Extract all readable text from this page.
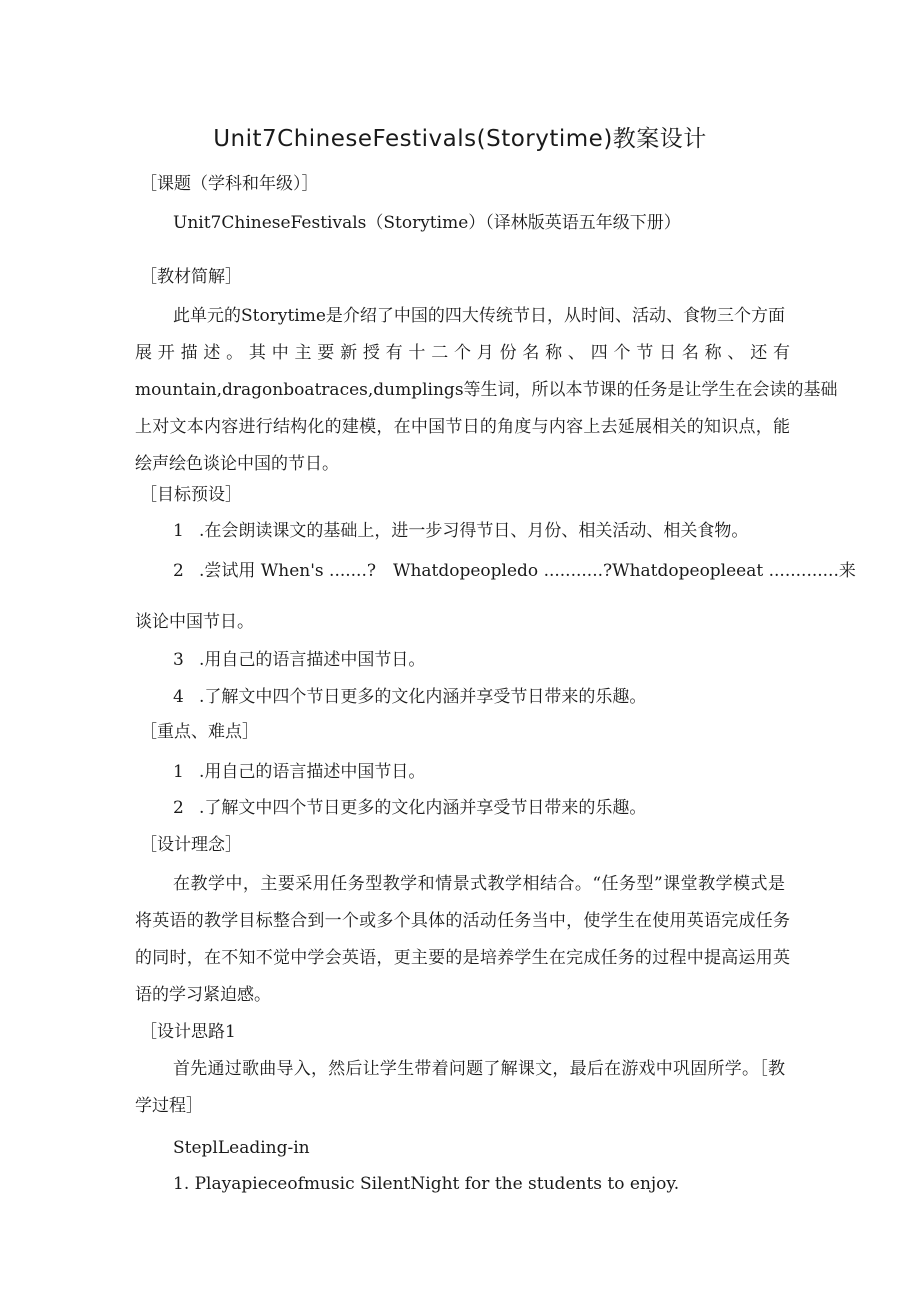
Unit7ChineseFestivals(Storytime)教案设计
［课题（学科和年级）］
Unit7ChineseFestivals（Storytime）（译林版英语五年级下册）
［教材简解］
此单元的Storytime是介绍了中国的四大传统节日，从时间、活动、食物三个方面
展开描述。其中主要新授有十二个月份名称、四个节日名称、还有
mountain,dragonboatraces,dumplings等生词，所以本节课的任务是让学生在会读的基础
上对文本内容进行结构化的建模，在中国节日的角度与内容上去延展相关的知识点，能
绘声绘色谈论中国的节日。
［目标预设］
1 .在会朗读课文的基础上，进一步习得节日、月份、相关活动、相关食物。
2 .尝试用 When's .......?　Whatdopeopledo ...........?Whatdopeopleeat .............来
谈论中国节日。
3 .用自己的语言描述中国节日。
4 .了解文中四个节日更多的文化内涵并享受节日带来的乐趣。
［重点、难点］
1 .用自己的语言描述中国节日。
2 .了解文中四个节日更多的文化内涵并享受节日带来的乐趣。
［设计理念］
在教学中，主要采用任务型教学和情景式教学相结合。“任务型”课堂教学模式是
将英语的教学目标整合到一个或多个具体的活动任务当中，使学生在使用英语完成任务
的同时，在不知不觉中学会英语，更主要的是培养学生在完成任务的过程中提高运用英
语的学习紧迫感。
［设计思路1
首先通过歌曲导入，然后让学生带着问题了解课文，最后在游戏中巩固所学。［教
学过程］
SteplLeading-in
1. Playapieceofmusic SilentNight for the students to enjoy.
